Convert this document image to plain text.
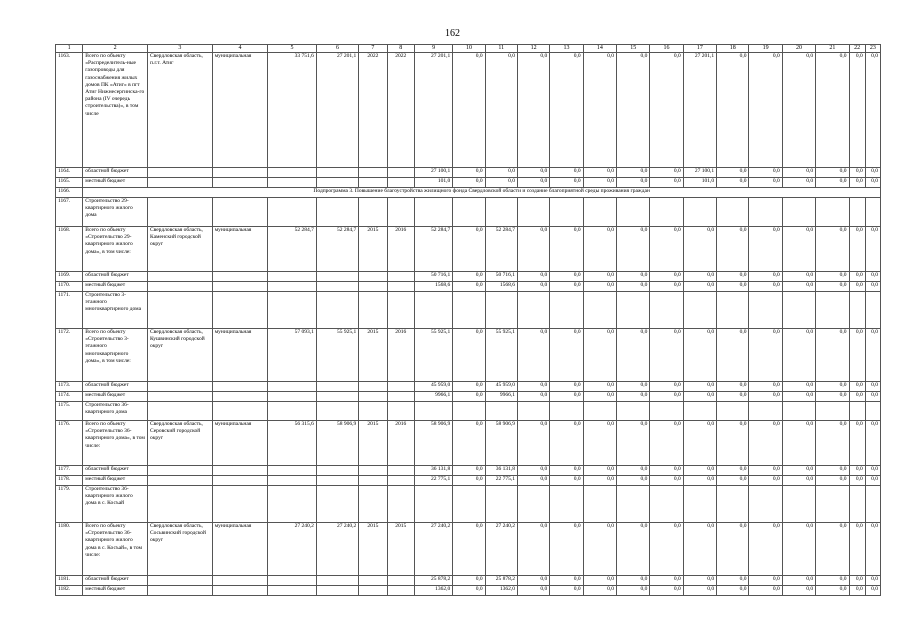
162
1	2	3	4	5	6	7	8	9	10	11	12	13	14	15	16	17	18	19	20	21	22	23
1163.	Всего по объекту «Распределитель-ные газопроводы для газоснабжения жилых домов ПК «Атиг» в пгт Атиг Нижнесергинска-го района (IV очередь строительства)», в том числе	Свердловская область, п.г.т. Атиг	муниципальная	33 751,6	27 201,1	2022	2022	27 201,1	0,0	0,0	0,0	0,0	0,0	0,0	0,0	27 201,1	0,0	0,0	0,0	0,0	0,0	0,0
1164.	областной бюджет							27 100,1	0,0	0,0	0,0	0,0	0,0	0,0	0,0	27 100,1	0,0	0,0	0,0	0,0	0,0	0,0
1165.	местный бюджет							101,0	0,0	0,0	0,0	0,0	0,0	0,0	0,0	101,0	0,0	0,0	0,0	0,0	0,0	0,0
1166.	Подпрограмма 3. Повышение благоустройства жилищного фонда Свердловской области и создание благоприятной среды проживания граждан																					
1167.	Строительство 29-квартирного жилого дома																					
1168.	Всего по объекту «Строительство 29-квартирного жилого дома», в том числе:	Свердловская область, Каменский городской округ	муниципальная	52 284,7	52 284,7	2015	2016	52 284,7	0,0	52 284,7	0,0	0,0	0,0	0,0	0,0	0,0	0,0	0,0	0,0	0,0	0,0	0,0
1169.	областной бюджет							50 716,1	0,0	50 716,1	0,0	0,0	0,0	0,0	0,0	0,0	0,0	0,0	0,0	0,0	0,0	0,0
1170.	местный бюджет							1568,6	0,0	1568,6	0,0	0,0	0,0	0,0	0,0	0,0	0,0	0,0	0,0	0,0	0,0	0,0
1171.	Строительство 3-этажного многоквартирного дома																					
1172.	Всего по объекту «Строительство 3-этажного многоквартирного дома», в том числе:	Свердловская область, Кушвинский городской округ	муниципальная	57 093,1	55 925,1	2015	2016	55 925,1	0,0	55 925,1	0,0	0,0	0,0	0,0	0,0	0,0	0,0	0,0	0,0	0,0	0,0	0,0
1173.	областной бюджет							45 959,0	0,0	45 959,0	0,0	0,0	0,0	0,0	0,0	0,0	0,0	0,0	0,0	0,0	0,0	0,0
1174.	местный бюджет							9966,1	0,0	9966,1	0,0	0,0	0,0	0,0	0,0	0,0	0,0	0,0	0,0	0,0	0,0	0,0
1175.	Строительство 36-квартирного дома																					
1176.	Всего по объекту «Строительство 36-квартирного дома», в том числе:	Свердловская область, Серовский городской округ	муниципальная	56 315,6	58 906,9	2015	2016	58 906,9	0,0	58 906,9	0,0	0,0	0,0	0,0	0,0	0,0	0,0	0,0	0,0	0,0	0,0	0,0
1177.	областной бюджет							36 131,8	0,0	36 131,8	0,0	0,0	0,0	0,0	0,0	0,0	0,0	0,0	0,0	0,0	0,0	0,0
1178.	местный бюджет							22 775,1	0,0	22 775,1	0,0	0,0	0,0	0,0	0,0	0,0	0,0	0,0	0,0	0,0	0,0	0,0
1179.	Строительство 36-квартирного жилого дома в с. Косъай																					
1180.	Всего по объекту «Строительство 36-квартирного жилого дома в с. Косъай», в том числе:	Свердловская область, Сосьвинский городской округ	муниципальная	27 240,2	27 240,2	2015	2015	27 240,2	0,0	27 240,2	0,0	0,0	0,0	0,0	0,0	0,0	0,0	0,0	0,0	0,0	0,0	0,0
1181.	областной бюджет							25 878,2	0,0	25 878,2	0,0	0,0	0,0	0,0	0,0	0,0	0,0	0,0	0,0	0,0	0,0	0,0
1182.	местный бюджет							1362,0	0,0	1362,0	0,0	0,0	0,0	0,0	0,0	0,0	0,0	0,0	0,0	0,0	0,0	0,0
